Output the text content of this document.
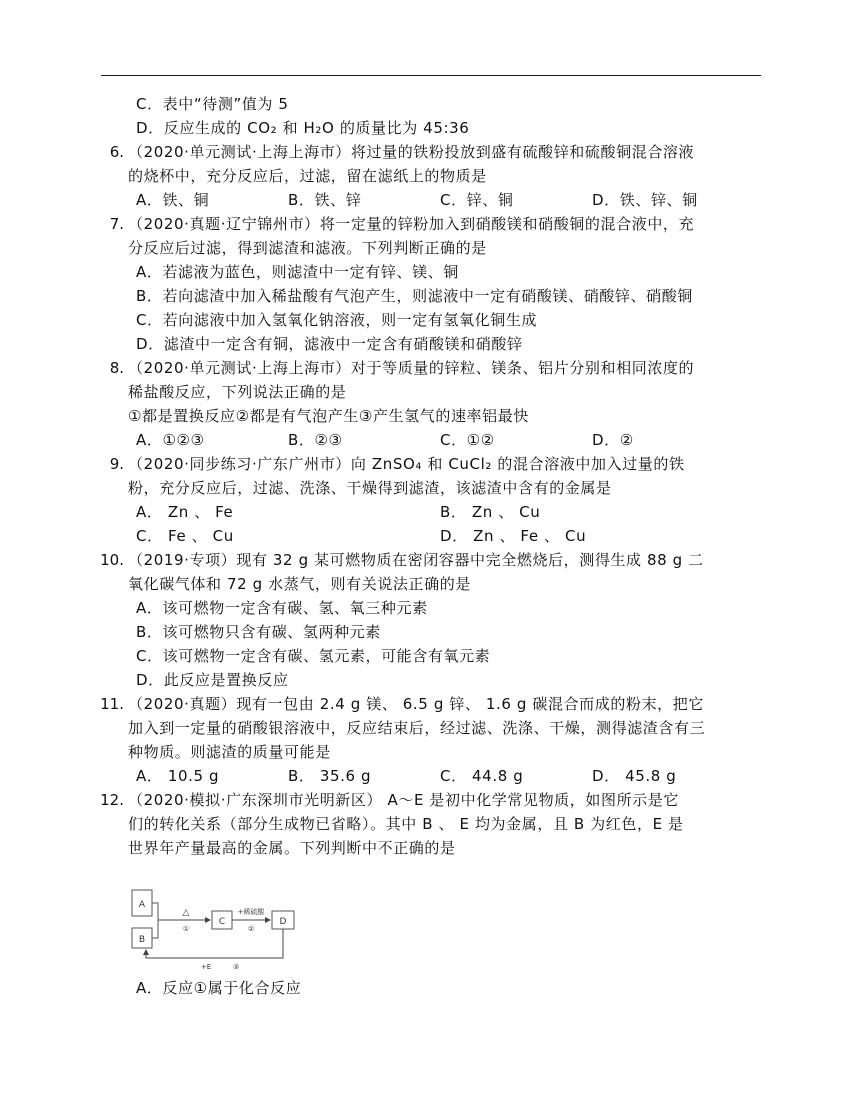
C．表中“待测”值为 5
D．反应生成的 CO₂ 和 H₂O 的质量比为 45:36
6. （2020·单元测试·上海上海市）将过量的铁粉投放到盛有硫酸锌和硫酸铜混合溶液
的烧杯中，充分反应后，过滤，留在滤纸上的物质是
A．铁、铜	B．铁、锌	C．锌、铜	D．铁、锌、铜
7. （2020·真题·辽宁锦州市）将一定量的锌粉加入到硝酸镁和硝酸铜的混合液中，充
分反应后过滤，得到滤渣和滤液。下列判断正确的是
A．若滤液为蓝色，则滤渣中一定有锌、镁、铜
B．若向滤渣中加入稀盐酸有气泡产生，则滤液中一定有硝酸镁、硝酸锌、硝酸铜
C．若向滤液中加入氢氧化钠溶液，则一定有氢氧化铜生成
D．滤渣中一定含有铜，滤液中一定含有硝酸镁和硝酸锌
8. （2020·单元测试·上海上海市）对于等质量的锌粒、镁条、铝片分别和相同浓度的
稀盐酸反应，下列说法正确的是
①都是置换反应②都是有气泡产生③产生氢气的速率铝最快
A．①②③	B．②③	C．①②	D．②
9. （2020·同步练习·广东广州市）向 ZnSO₄ 和 CuCl₂ 的混合溶液中加入过量的铁
粉，充分反应后，过滤、洗涤、干燥得到滤渣，该滤渣中含有的金属是
A． Zn 、 Fe	B． Zn 、 Cu
C． Fe 、 Cu	D． Zn 、 Fe 、 Cu
10. （2019·专项）现有 32 g 某可燃物质在密闭容器中完全燃烧后，测得生成 88 g 二
氧化碳气体和 72 g 水蒸气，则有关说法正确的是
A．该可燃物一定含有碳、氢、氧三种元素
B．该可燃物只含有碳、氢两种元素
C．该可燃物一定含有碳、氢元素，可能含有氧元素
D．此反应是置换反应
11. （2020·真题）现有一包由 2.4 g 镁、 6.5 g 锌、 1.6 g 碳混合而成的粉末，把它
加入到一定量的硝酸银溶液中，反应结束后，经过滤、洗涤、干燥，测得滤渣含有三
种物质。则滤渣的质量可能是
A． 10.5 g	B． 35.6 g	C． 44.8 g	D． 45.8 g
12. （2020·模拟·广东深圳市光明新区） A～E 是初中化学常见物质，如图所示是它
们的转化关系（部分生成物已省略）。其中 B 、 E 均为金属，且 B 为红色，E 是
世界年产量最高的金属。下列判断中不正确的是
A
B
△
①
C
+稀硫酸
②
D
+E	③
A．反应①属于化合反应
